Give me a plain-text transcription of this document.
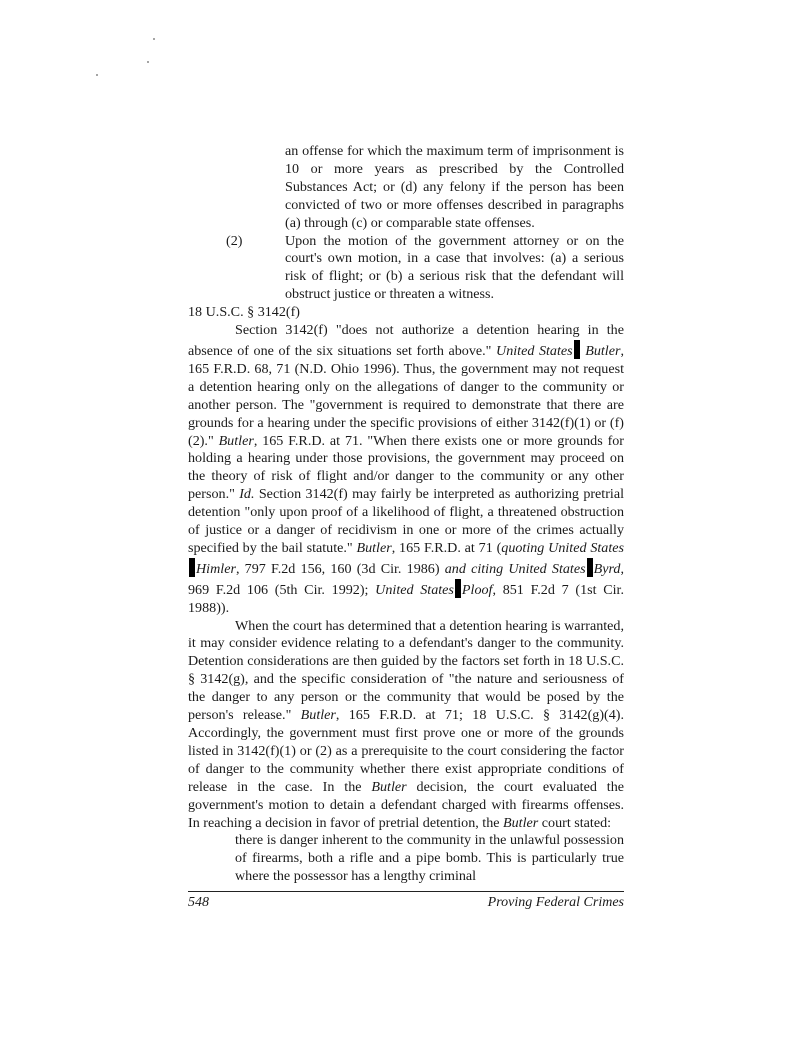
an offense for which the maximum term of imprisonment is 10 or more years as prescribed by the Controlled Substances Act; or (d) any felony if the person has been convicted of two or more offenses described in paragraphs (a) through (c) or comparable state offenses.
(2)	Upon the motion of the government attorney or on the court's own motion, in a case that involves: (a) a serious risk of flight; or (b) a serious risk that the defendant will obstruct justice or threaten a witness.
18 U.S.C. § 3142(f)

Section 3142(f) "does not authorize a detention hearing in the absence of one of the six situations set forth above." United States Butler, 165 F.R.D. 68, 71 (N.D. Ohio 1996). Thus, the government may not request a detention hearing only on the allegations of danger to the community or another person. The "government is required to demonstrate that there are grounds for a hearing under the specific provisions of either 3142(f)(1) or (f)(2)." Butler, 165 F.R.D. at 71. "When there exists one or more grounds for holding a hearing under those provisions, the government may proceed on the theory of risk of flight and/or danger to the community or any other person." Id. Section 3142(f) may fairly be interpreted as authorizing pretrial detention "only upon proof of a likelihood of flight, a threatened obstruction of justice or a danger of recidivism in one or more of the crimes actually specified by the bail statute." Butler, 165 F.R.D. at 71 (quoting United StatesHimler, 797 F.2d 156, 160 (3d Cir. 1986) and citing United States Byrd, 969 F.2d 106 (5th Cir. 1992); United States Ploof, 851 F.2d 7 (1st Cir. 1988)).

When the court has determined that a detention hearing is warranted, it may consider evidence relating to a defendant's danger to the community. Detention considerations are then guided by the factors set forth in 18 U.S.C. § 3142(g), and the specific consideration of "the nature and seriousness of the danger to any person or the community that would be posed by the person's release." Butler, 165 F.R.D. at 71; 18 U.S.C. § 3142(g)(4). Accordingly, the government must first prove one or more of the grounds listed in 3142(f)(1) or (2) as a prerequisite to the court considering the factor of danger to the community whether there exist appropriate conditions of release in the case. In the Butler decision, the court evaluated the government's motion to detain a defendant charged with firearms offenses. In reaching a decision in favor of pretrial detention, the Butler court stated:

there is danger inherent to the community in the unlawful possession of firearms, both a rifle and a pipe bomb. This is particularly true where the possessor has a lengthy criminal
548	Proving Federal Crimes
